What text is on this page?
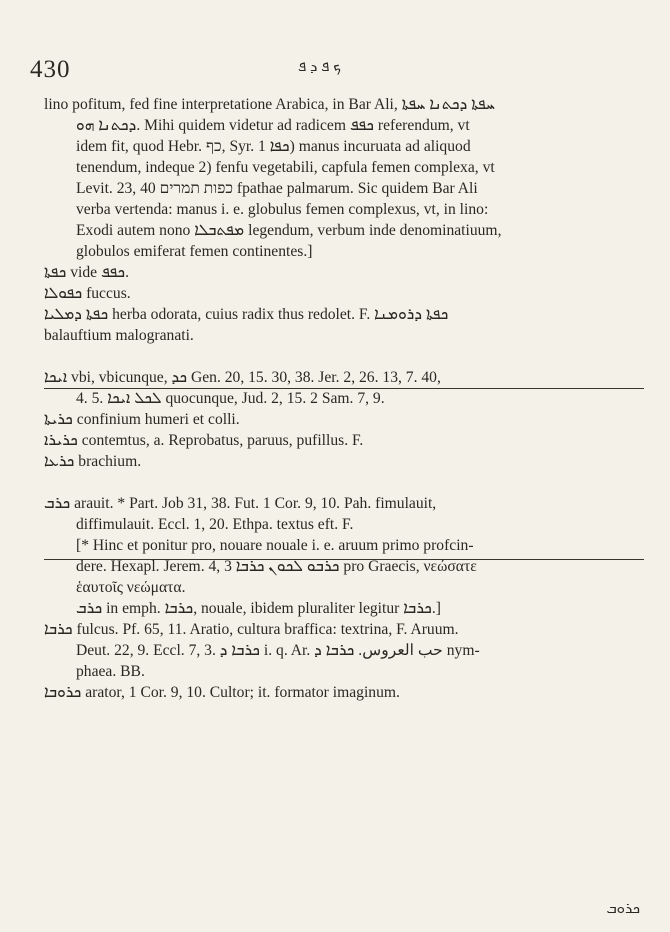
430	ܟ ܦ ܕ ܦ
lino pofitum, fed fine interpretatione Arabica, in Bar Ali, ܚܦܬܐ ܕܟܬܢܐ ܚܦܬܐ
ܕܟܬܢܐ ܗܘ. Mihi quidem videtur ad radicem ܟܦܦ referendum, vt
idem fit, quod Hebr. כף, Syr. ܟܦܐ 1) manus incuruata ad aliquod
tenendum, indeque 2) fenfu vegetabili, capfula femen complexa, vt
Levit. 23, 40 כפות תמרים fpathae palmarum. Sic quidem Bar Ali
verba vertenda: manus i. e. globulus femen complexus, vt, in lino:
Exodi autem nono ܡܦܬܒܠܐ legendum, verbum inde denominatiuum,
globulos emiferat femen continentes.]
ܟܦܬܐ vide ܟܦܦ.
ܟܦܘܠܐ fuccus.
ܟܦܬܐ ܕܡܠܝܐ herba odorata, cuius radix thus redolet. F. ܟܦܬܐ ܕܪܘܡܢܐ
balauftium malogranati.
ܐܝܟܐ vbi, vbicunque, ܟܕ Gen. 20, 15. 30, 38. Jer. 2, 26. 13, 7. 40,
4. 5. ܠܟܠ ܐܝܟܐ quocunque, Jud. 2, 15. 2 Sam. 7, 9.
ܟܪܝܬܐ confinium humeri et colli.
ܟܪܝܪܐ contemtus, a. Reprobatus, paruus, pufillus. F.
ܟܪܥܐ brachium.
ܟܪܒ arauit. * Part. Job 31, 38. Fut. 1 Cor. 9, 10. Pah. fimulauit,
diffimulauit. Eccl. 1, 20. Ethpa. textus eft. F.
[* Hinc et ponitur pro, nouare nouale i. e. aruum primo profcin-
dere. Hexapl. Jerem. 4, 3 ܟܪܒܘ ܠܟܘܢ ܟܪܒܐ pro Graecis, νεώσατε
ἑαυτοῖς νεώματα.
ܟܪܒ in emph. ܟܪܒܐ, nouale, ibidem pluraliter legitur ܟܪܒܐ.]
ܟܪܒܐ fulcus. Pf. 65, 11. Aratio, cultura braffica: textrina, F. Aruum.
Deut. 22, 9. Eccl. 7, 3. ܟܪܒܐ ܕ i. q. Ar. حب العروس. ܟܪܒܐ ܕ nym-
phaea. BB.
ܟܪܘܒܐ arator, 1 Cor. 9, 10. Cultor; it. formator imaginum.
ܟܪܘܒ
